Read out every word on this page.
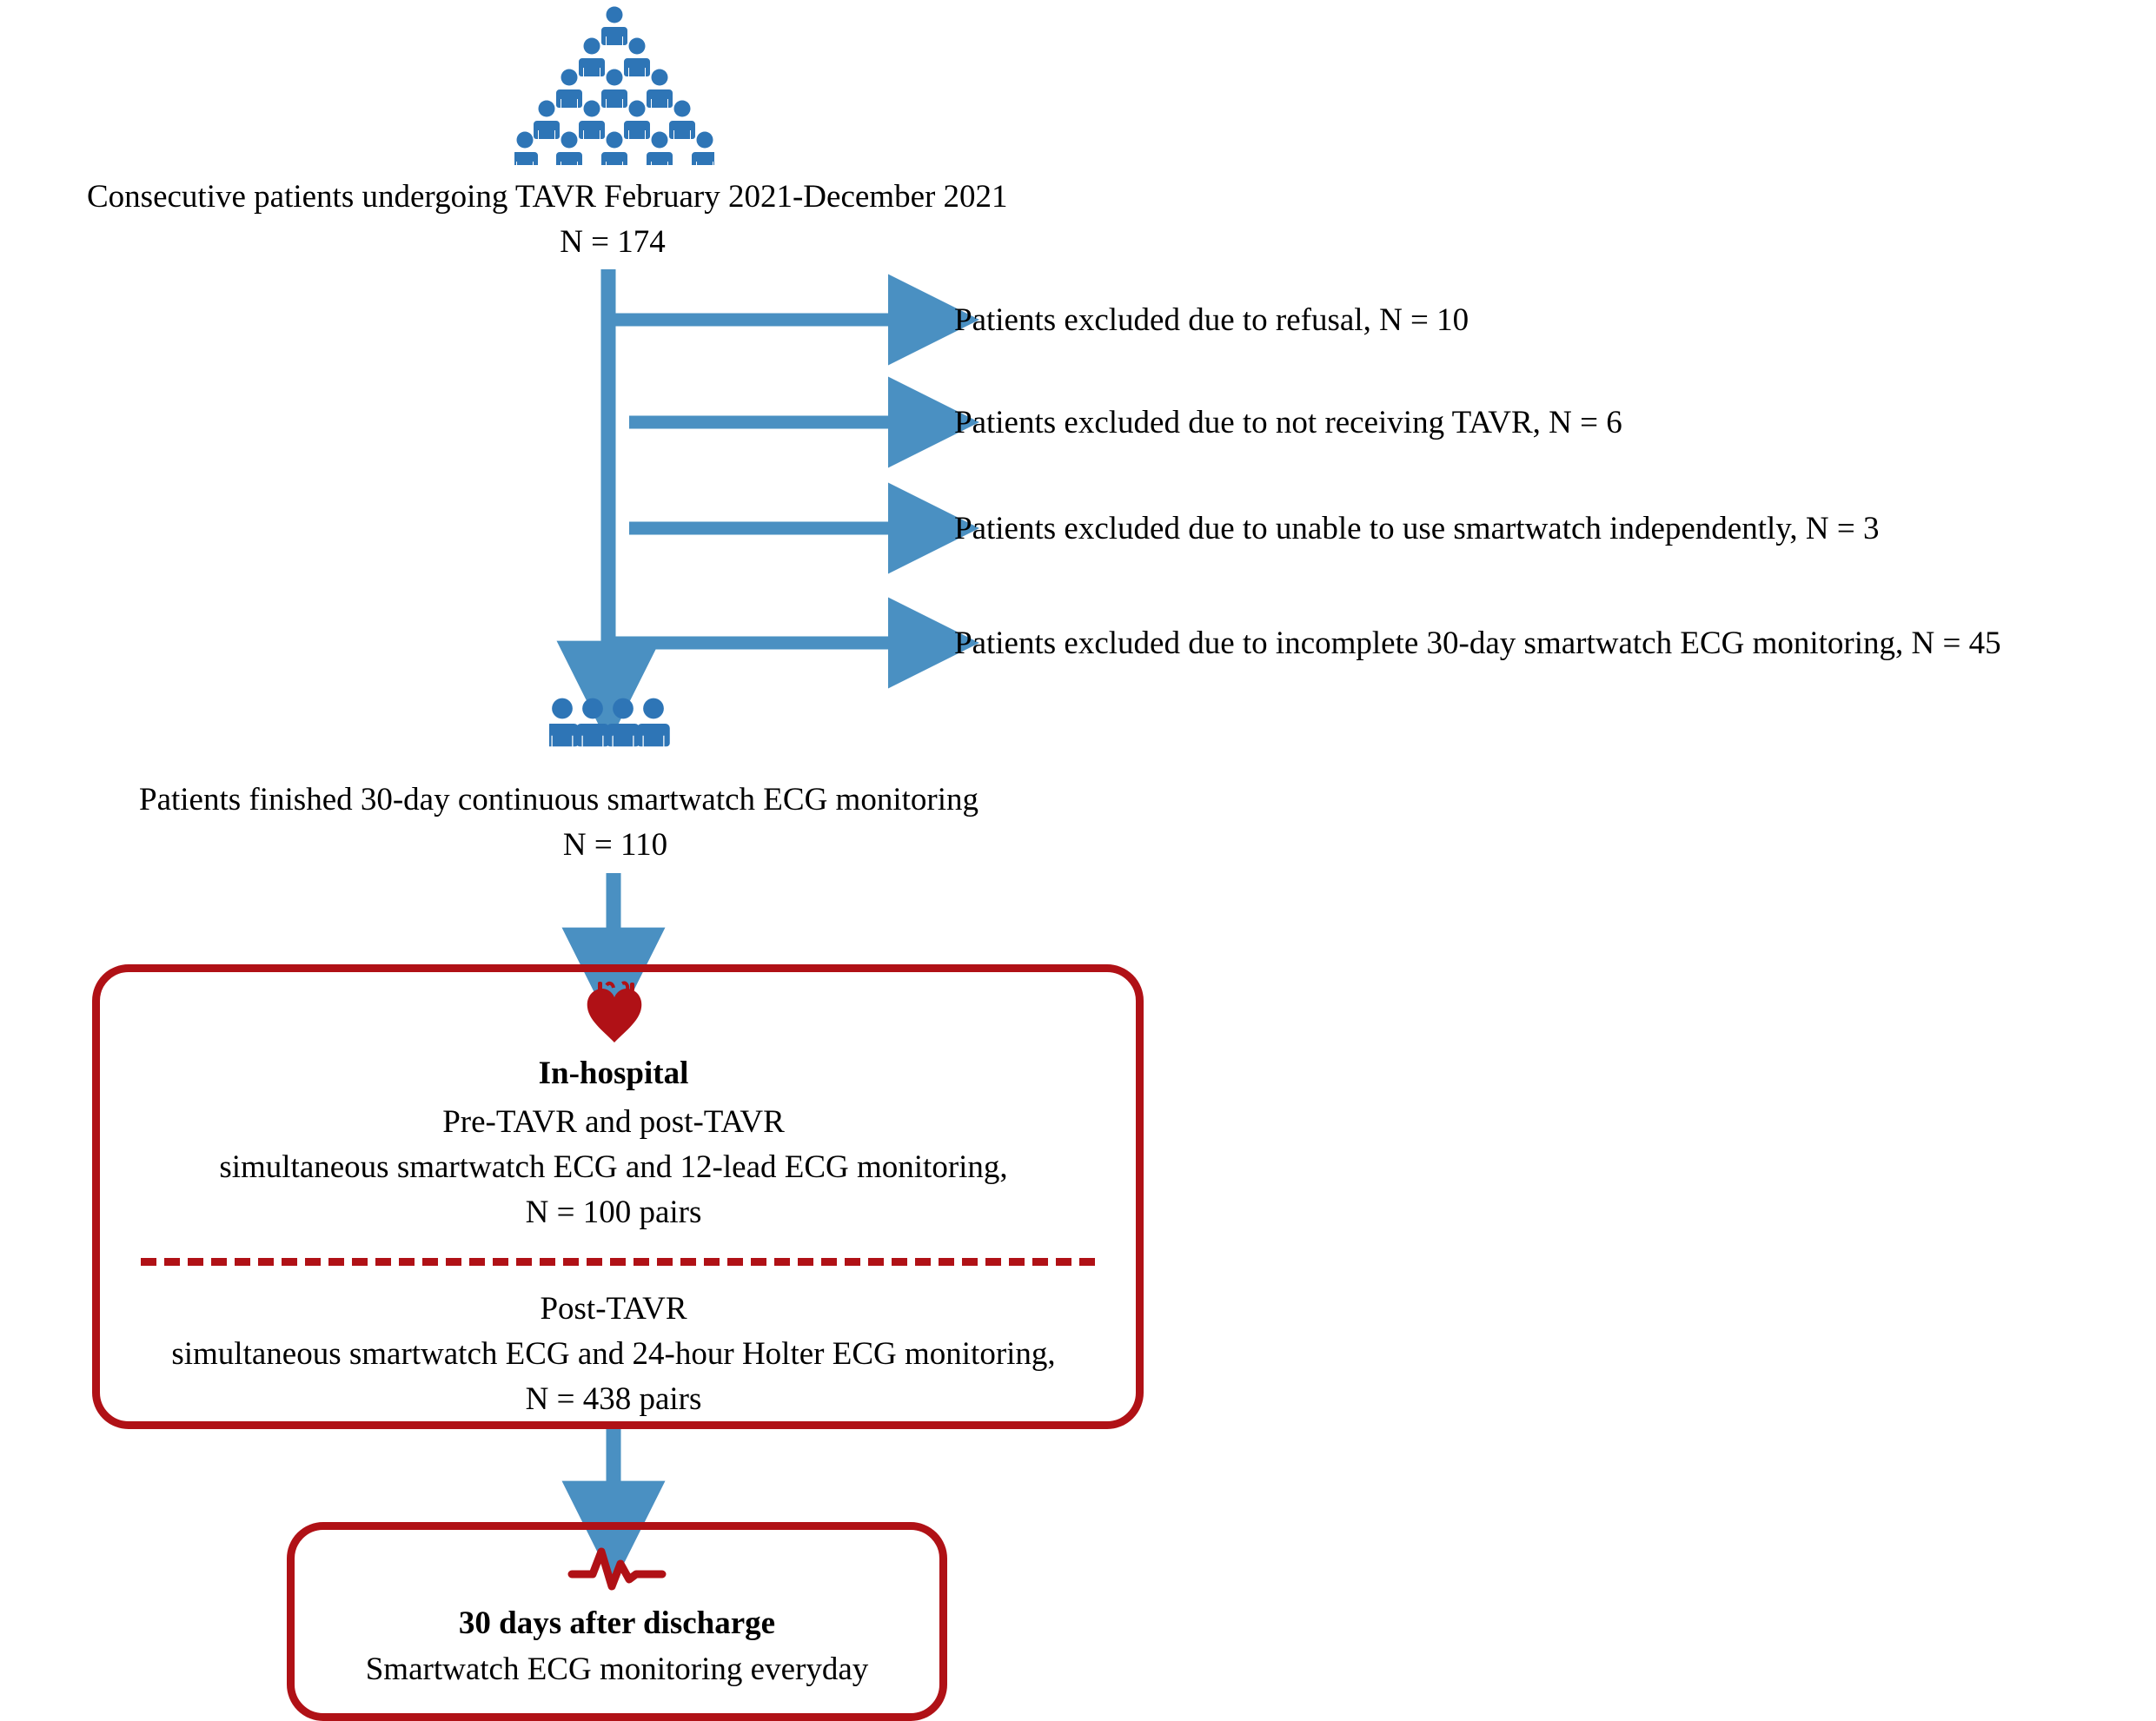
Consecutive patients undergoing TAVR February 2021-December 2021
N = 174
Patients excluded due to refusal, N = 10
Patients excluded due to not receiving TAVR, N = 6
Patients excluded due to unable to use smartwatch independently, N = 3
Patients excluded due to incomplete 30-day smartwatch ECG monitoring, N = 45
Patients finished 30-day continuous smartwatch ECG monitoring
N = 110
In-hospital
Pre-TAVR and post-TAVR
simultaneous smartwatch ECG and 12-lead ECG monitoring,
N = 100 pairs
Post-TAVR
simultaneous smartwatch ECG and 24-hour Holter ECG monitoring,
N = 438 pairs
30 days after discharge
Smartwatch ECG monitoring everyday
